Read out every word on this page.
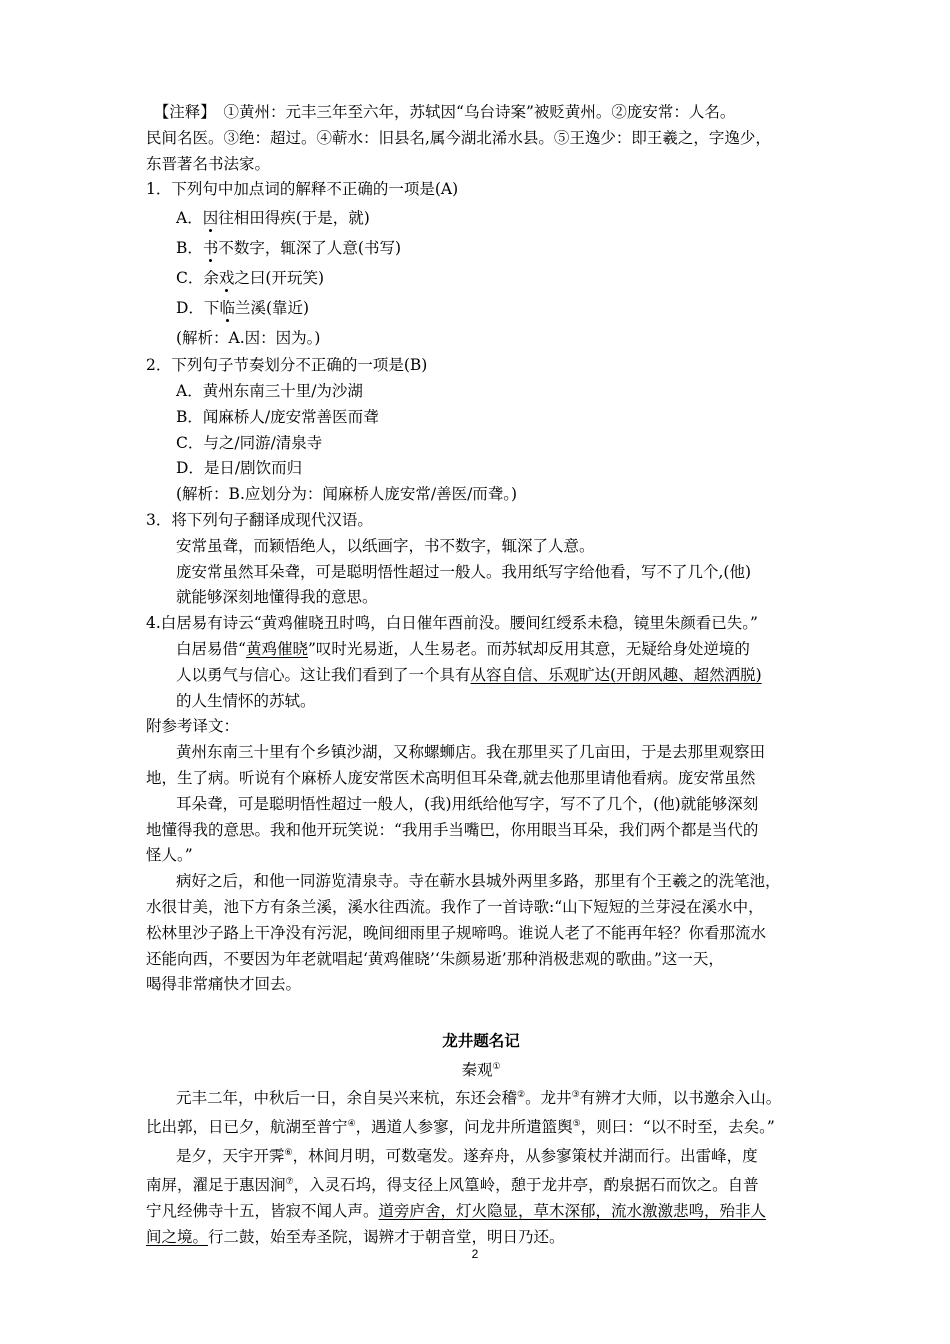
　【注释】　 ①黄州：元丰三年至六年，苏轼因“乌台诗案”被贬黄州。②庞安常：人名。

民间名医。③绝：超过。④蕲水：旧县名,属今湖北浠水县。⑤王逸少：即王羲之，字逸少，

东晋著名书法家。

1．下列句中加点词的解释不正确的一项是(A)

A．因往相田得疾(于是，就)

B．书不数字，辄深了人意(书写)

C．余戏之曰(开玩笑)

D．下临兰溪(靠近)

(解析：A.因：因为。)

2．下列句子节奏划分不正确的一项是(B)

A．黄州东南三十里/为沙湖

B．闻麻桥人/庞安常善医而聋

C．与之/同游/清泉寺

D．是日/剧饮而归

(解析：B.应划分为：闻麻桥人庞安常/善医/而聋。)

3．将下列句子翻译成现代汉语。

安常虽聋，而颖悟绝人，以纸画字，书不数字，辄深了人意。

庞安常虽然耳朵聋，可是聪明悟性超过一般人。我用纸写字给他看，写不了几个,(他)

就能够深刻地懂得我的意思。

4.白居易有诗云“黄鸡催晓丑时鸣，白日催年酉前没。腰间红绶系未稳，镜里朱颜看已失。”

白居易借“黄鸡催晓”叹时光易逝，人生易老。而苏轼却反用其意，无疑给身处逆境的

人以勇气与信心。这让我们看到了一个具有从容自信、乐观旷达(开朗风趣、超然洒脱)

的人生情怀的苏轼。

附参考译文：

黄州东南三十里有个乡镇沙湖，又称螺蛳店。我在那里买了几亩田，于是去那里观察田

地，生了病。听说有个麻桥人庞安常医术高明但耳朵聋,就去他那里请他看病。庞安常虽然

耳朵聋，可是聪明悟性超过一般人，(我)用纸给他写字，写不了几个，(他)就能够深刻

地懂得我的意思。我和他开玩笑说：“我用手当嘴巴，你用眼当耳朵，我们两个都是当代的

怪人。”

病好之后，和他一同游览清泉寺。寺在蕲水县城外两里多路，那里有个王羲之的洗笔池，

水很甘美，池下方有条兰溪，溪水往西流。我作了一首诗歌:“山下短短的兰芽浸在溪水中，

松林里沙子路上干净没有污泥，晚间细雨里子规啼鸣。谁说人老了不能再年轻？你看那流水

还能向西，不要因为年老就唱起‘黄鸡催晓’‘朱颜易逝’那种消极悲观的歌曲。”这一天，

喝得非常痛快才回去。

龙井题名记
秦观①

元丰二年，中秋后一日，余自吴兴来杭，东还会稽②。龙井③有辨才大师，以书邀余入山。

比出郭，日已夕，航湖至普宁④，遇道人参寥，问龙井所遣篮舆⑤，则曰：“以不时至，去矣。”

是夕，天宇开霁⑥，林间月明，可数毫发。遂弃舟，从参寥策杖并湖而行。出雷峰，度

南屏，濯足于惠因涧⑦，入灵石坞，得支径上风篁岭，憩于龙井亭，酌泉据石而饮之。自普

宁凡经佛寺十五，皆寂不闻人声。道旁庐舍，灯火隐显，草木深郁，流水激激悲鸣，殆非人

间之境。行二鼓，始至寿圣院，谒辨才于朝音堂，明日乃还。

2
